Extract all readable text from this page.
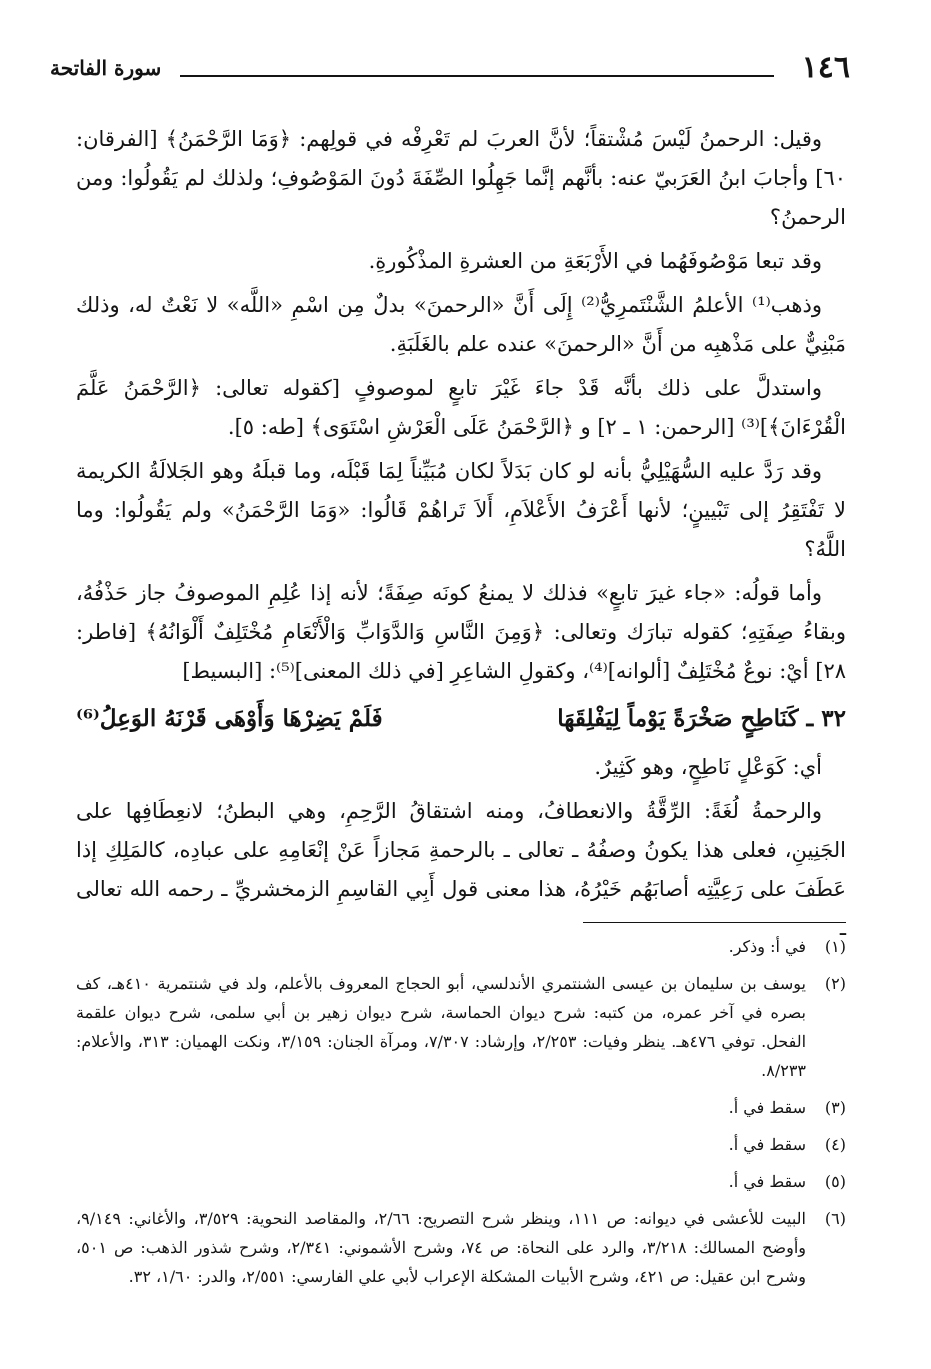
١٤٦
سورة الفاتحة

وقيل: الرحمنُ لَيْسَ مُشْتقاً؛ لأنَّ العربَ لم تَعْرِفْه في قولِهم: ﴿وَمَا الرَّحْمَنُ﴾ [الفرقان: ٦٠] وأجابَ ابنُ العَرَبيّ عنه: بأنَّهم إنَّما جَهِلُوا الصِّفَةَ دُونَ المَوْصُوفِ؛ ولذلك لم يَقُولُوا: ومن الرحمنُ؟

وقد تبعا مَوْصُوفَهُما في الأَرْبَعَةِ من العشرةِ المذْكُورةِ.

وذهب⁽¹⁾ الأعلمُ الشَّنْتَمرِيُّ⁽²⁾ إِلَى أَنَّ «الرحمنَ» بدلٌ مِن اسْمِ «اللَّه» لا نَعْتٌ له، وذلك مَبْنِيٌّ على مَذْهبِه من أَنَّ «الرحمنَ» عنده علم بالغَلَبَةِ.

واستدلَّ على ذلك بأنَّه قَدْ جاءَ غَيْرَ تابعٍ لموصوفٍ [كقوله تعالى: ﴿الرَّحْمَنُ عَلَّمَ الْقُرْءَانَ﴾]⁽³⁾ [الرحمن: ١ ـ ٢] و ﴿الرَّحْمَنُ عَلَى الْعَرْشِ اسْتَوَى﴾ [طه: ٥].

وقد رَدَّ عليه السُّهَيْلِيُّ بأنه لو كان بَدَلاً لكان مُبَيِّناً لِمَا قَبْلَه، وما قبلَهُ وهو الجَلالَةُ الكريمة لا تَفْتَقِرُ إلى تَبْيينٍ؛ لأنها أَعْرَفُ الأَعْلاَمِ، أَلاَ تَراهُمْ قَالُوا: «وَمَا الرَّحْمَنُ» ولم يَقُولُوا: وما اللَّهُ؟

وأما قولُه: «جاء غيرَ تابعٍ» فذلك لا يمنعُ كونَه صِفَةً؛ لأنه إذا عُلِمِ الموصوفُ جاز حَذْفُهُ، وبقاءُ صِفَتِهِ؛ كقوله تبارَك وتعالى: ﴿وَمِنَ النَّاسِ وَالدَّوَابِّ وَالْأَنْعَامِ مُخْتَلِفٌ أَلْوَانُهُ﴾ [فاطر: ٢٨] أيْ: نوعٌ مُخْتَلِفٌ [ألوانه]⁽⁴⁾، وكقولِ الشاعِرِ [في ذلك المعنى]⁽⁵⁾: [البسيط]

٣٢ ـ كَنَاطِحٍ صَخْرَةً يَوْماً لِيَفْلِقَهَا
فَلَمْ يَضِرْهَا وَأَوْهَى قَرْنَهُ الوَعِلُ⁽⁶⁾

أي: كَوَعْلٍ نَاطِحٍ، وهو كَثِيرٌ.

والرحمةُ لُغَةً: الرِّقَّةُ والانعطافُ، ومنه اشتقاقُ الرَّحِمِ، وهي البطنُ؛ لانعِطَافِها على الجَنِينِ، فعلى هذا يكونُ وصفُهُ ـ تعالى ـ بالرحمةِ مَجازاً عَنْ إنْعَامِهِ على عبادِه، كالمَلِكِ إذا عَطَفَ على رَعِيَّتِه أصابَهُم خَيْرُهُ، هذا معنى قول أَبِي القاسِمِ الزمخشريِّ ـ رحمه الله تعالى ـ

(١)
في أ: وذكر.
(٢)
يوسف بن سليمان بن عيسى الشنتمري الأندلسي، أبو الحجاج المعروف بالأعلم، ولد في شنتمرية ٤١٠هـ، كف بصره في آخر عمره، من كتبه: شرح ديوان الحماسة، شرح ديوان زهير بن أبي سلمى، شرح ديوان علقمة الفحل. توفي ٤٧٦هـ. ينظر وفيات: ٢/٢٥٣، وإرشاد: ٧/٣٠٧، ومرآة الجنان: ٣/١٥٩، ونكت الهميان: ٣١٣، والأعلام: ٨/٢٣٣.
(٣)
سقط في أ.
(٤)
سقط في أ.
(٥)
سقط في أ.
(٦)
البيت للأعشى في ديوانه: ص ١١١، وينظر شرح التصريح: ٢/٦٦، والمقاصد النحوية: ٣/٥٢٩، والأغاني: ٩/١٤٩، وأوضح المسالك: ٣/٢١٨، والرد على النحاة: ص ٧٤، وشرح الأشموني: ٢/٣٤١، وشرح شذور الذهب: ص ٥٠١، وشرح ابن عقيل: ص ٤٢١، وشرح الأبيات المشكلة الإعراب لأبي علي الفارسي: ٢/٥٥١، والدر: ١/٦٠، ٣٢.
